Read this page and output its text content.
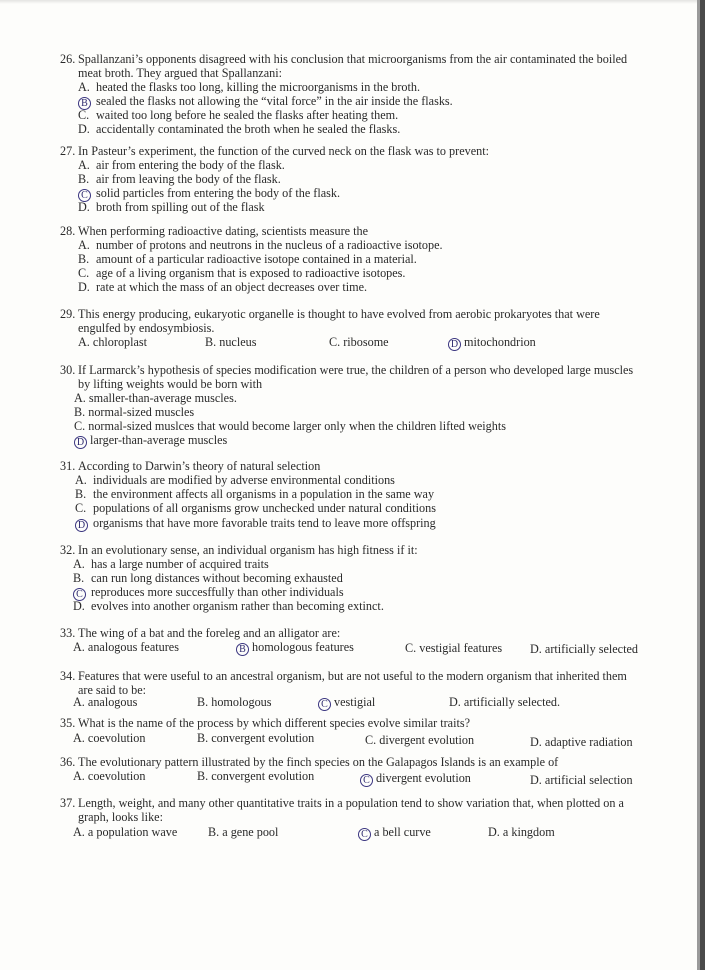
26. Spallanzani’s opponents disagreed with his conclusion that microorganisms from the air contaminated the boiled
meat broth. They argued that Spallanzani:
A. heated the flasks too long, killing the microorganisms in the broth.
B sealed the flasks not allowing the “vital force” in the air inside the flasks.
C. waited too long before he sealed the flasks after heating them.
D. accidentally contaminated the broth when he sealed the flasks.
27. In Pasteur’s experiment, the function of the curved neck on the flask was to prevent:
A. air from entering the body of the flask.
B. air from leaving the body of the flask.
C solid particles from entering the body of the flask.
D. broth from spilling out of the flask
28. When performing radioactive dating, scientists measure the
A. number of protons and neutrons in the nucleus of a radioactive isotope.
B. amount of a particular radioactive isotope contained in a material.
C. age of a living organism that is exposed to radioactive isotopes.
D. rate at which the mass of an object decreases over time.
29. This energy producing, eukaryotic organelle is thought to have evolved from aerobic prokaryotes that were
engulfed by endosymbiosis.
A. chloroplast	B. nucleus	C. ribosome	D mitochondrion
30. If Larmarck’s hypothesis of species modification were true, the children of a person who developed large muscles
by lifting weights would be born with
A. smaller-than-average muscles.
B. normal-sized muscles
C. normal-sized muslces that would become larger only when the children lifted weights
D larger-than-average muscles
31. According to Darwin’s theory of natural selection
A. individuals are modified by adverse environmental conditions
B. the environment affects all organisms in a population in the same way
C. populations of all organisms grow unchecked under natural conditions
D organisms that have more favorable traits tend to leave more offspring
32. In an evolutionary sense, an individual organism has high fitness if it:
A. has a large number of acquired traits
B. can run long distances without becoming exhausted
C reproduces more succesffully than other individuals
D. evolves into another organism rather than becoming extinct.
33. The wing of a bat and the foreleg and an alligator are:
A. analogous features	B homologous features	C. vestigial features D. artificially selected
34. Features that were useful to an ancestral organism, but are not useful to the modern organism that inherited them
are said to be:
A. analogous	B. homologous	C vestigial	D. artificially selected.
35. What is the name of the process by which different species evolve similar traits?
A. coevolution	B. convergent evolution	C. divergent evolution	D. adaptive radiation
36. The evolutionary pattern illustrated by the finch species on the Galapagos Islands is an example of
A. coevolution	B. convergent evolution	C divergent evolution	D. artificial selection
37. Length, weight, and many other quantitative traits in a population tend to show variation that, when plotted on a
graph, looks like:
A. a population wave	B. a gene pool	C a bell curve	D. a kingdom
